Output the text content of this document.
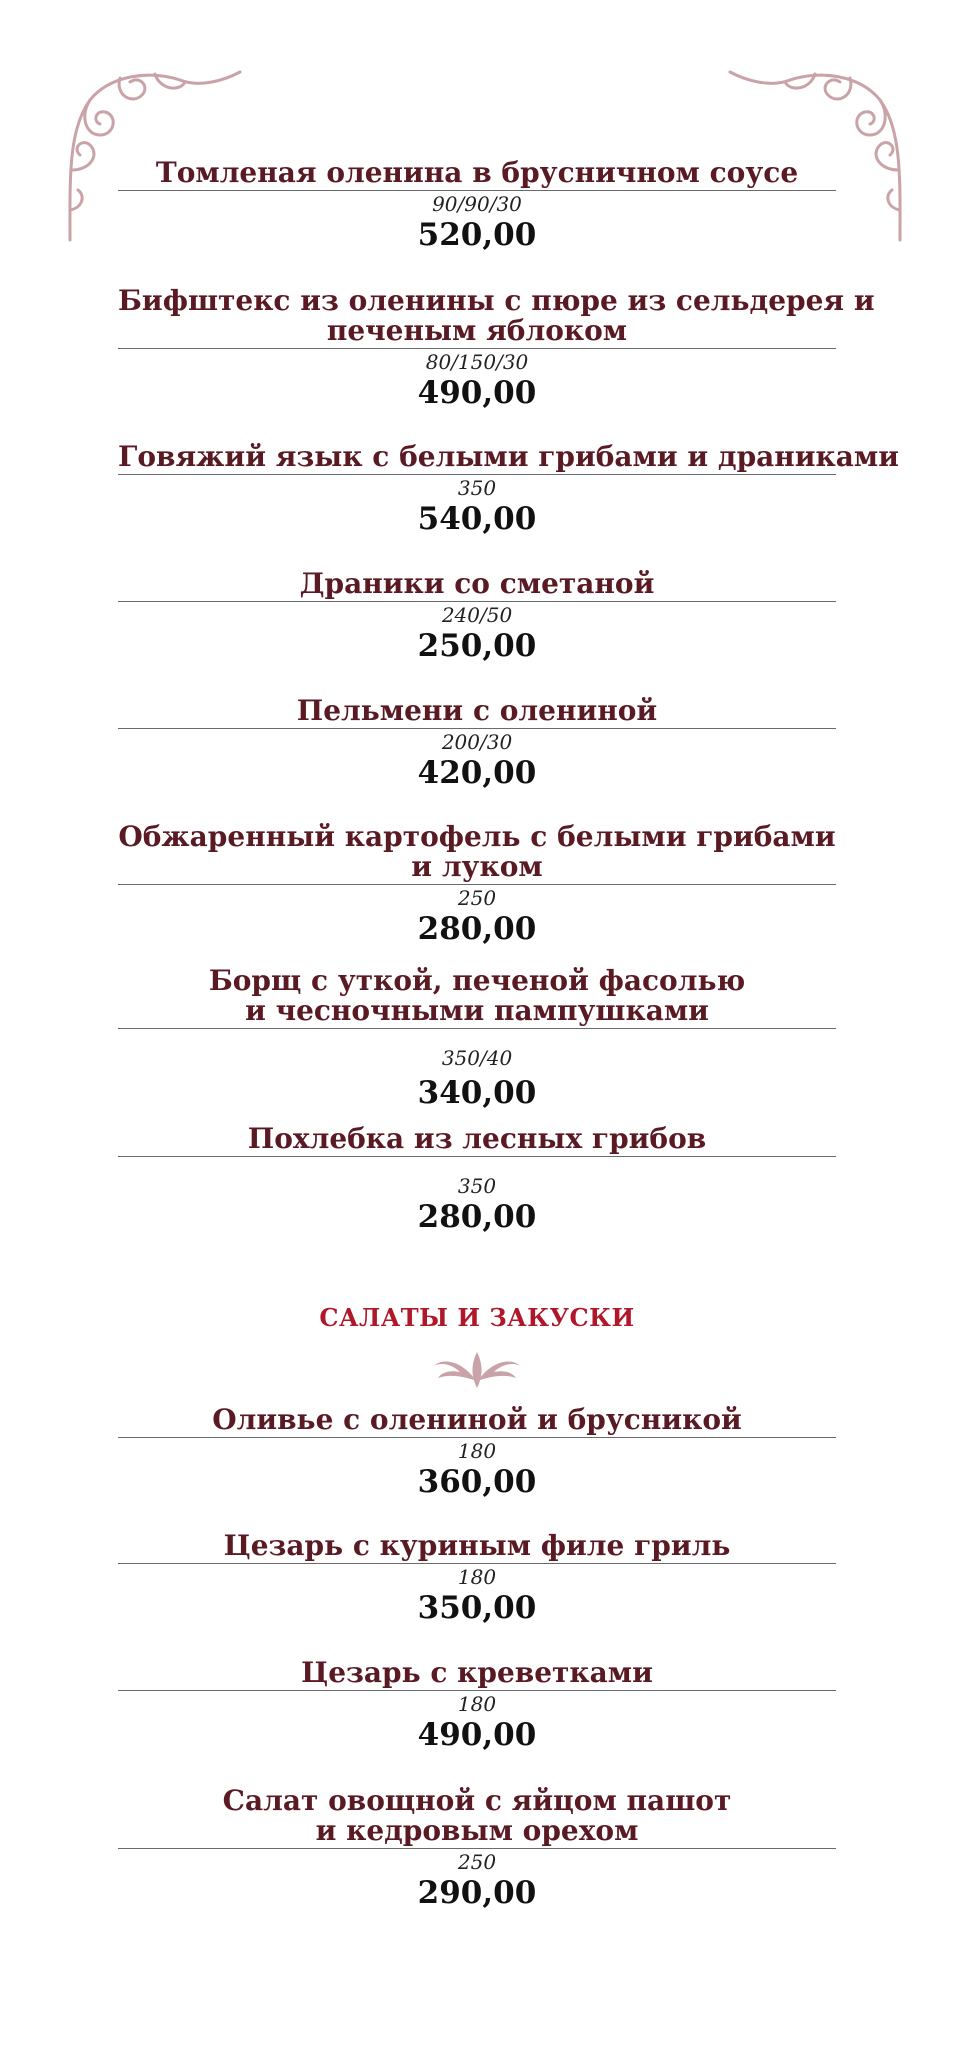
Томленая оленина в брусничном соусе
90/90/30
520,00
Бифштекс из оленины с пюре из сельдерея и
печеным яблоком
80/150/30
490,00
Говяжий язык с белыми грибами и драниками
350
540,00
Драники со сметаной
240/50
250,00
Пельмени с олениной
200/30
420,00
Обжаренный картофель с белыми грибами
и луком
250
280,00
Борщ с уткой, печеной фасолью
и чесночными пампушками
350/40
340,00
Похлебка из лесных грибов
350
280,00
САЛАТЫ И ЗАКУСКИ
Оливье с олениной и брусникой
180
360,00
Цезарь с куриным филе гриль
180
350,00
Цезарь с креветками
180
490,00
Салат овощной с яйцом пашот
и кедровым орехом
250
290,00
